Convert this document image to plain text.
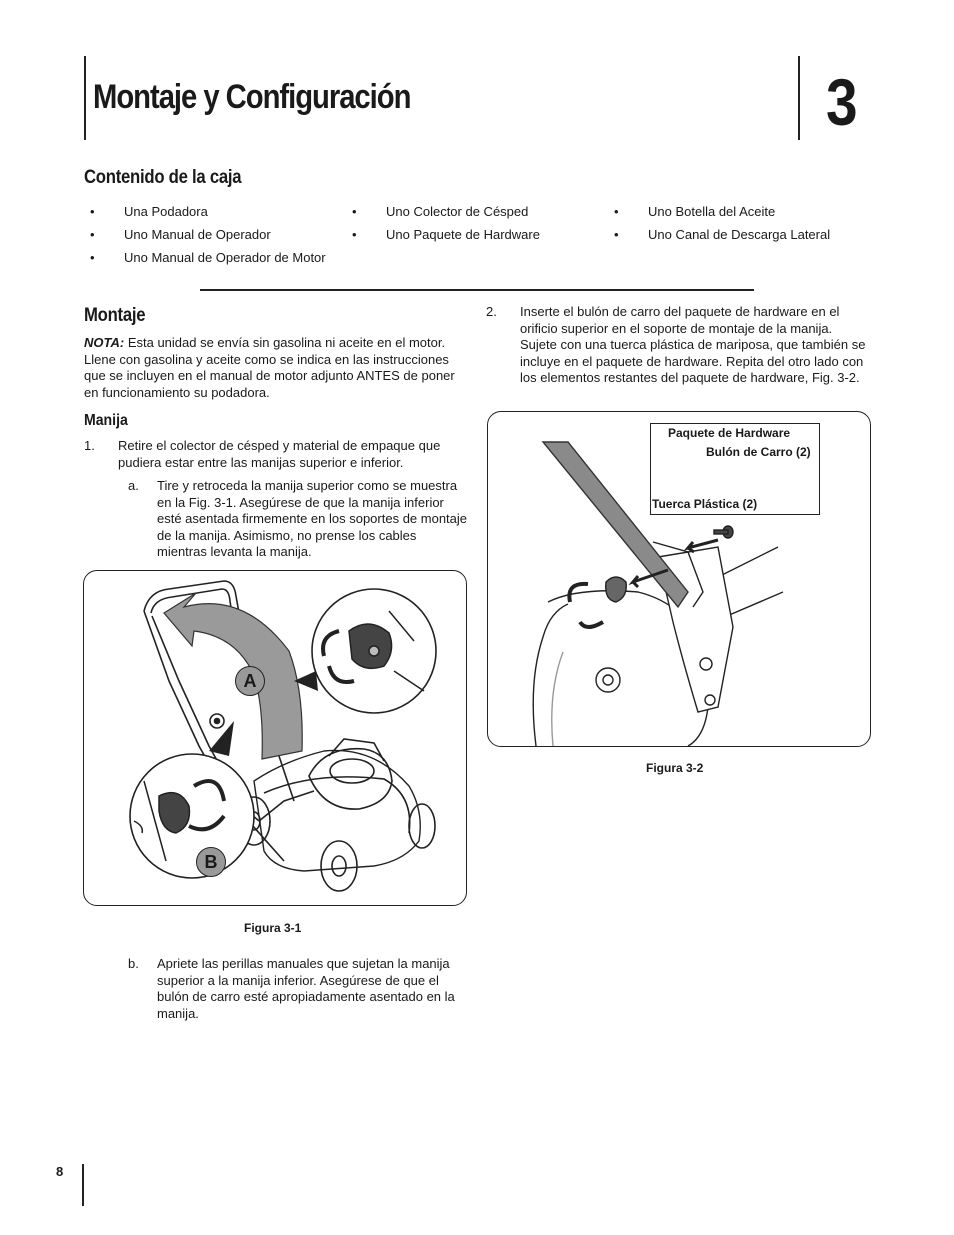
Montaje y Configuración	3
Contenido de la caja
• Una Podadora
• Uno Manual de Operador
• Uno Manual de Operador de Motor
• Uno Colector de Césped
• Uno Paquete de Hardware
• Uno Botella del Aceite
• Uno Canal de Descarga Lateral
Montaje
NOTA: Esta unidad se envía sin gasolina ni aceite en el motor. Llene con gasolina y aceite como se indica en las instrucciones que se incluyen en el manual de motor adjunto ANTES de poner en funcionamiento su podadora.
Manija
1. Retire el colector de césped y material de empaque que pudiera estar entre las manijas superior e inferior.
a. Tire y retroceda la manija superior como se muestra en la Fig. 3-1. Asegúrese de que la manija inferior esté asentada firmemente en los soportes de montaje de la manija. Asimismo, no prense los cables mientras levanta la manija.
A
B
Figura 3-1
b. Apriete las perillas manuales que sujetan la manija superior a la manija inferior. Asegúrese de que el bulón de carro esté apropiadamente asentado en la manija.
2. Inserte el bulón de carro del paquete de hardware en el orificio superior en el soporte de montaje de la manija. Sujete con una tuerca plástica de mariposa, que también se incluye en el paquete de hardware. Repita del otro lado con los elementos restantes del paquete de hardware, Fig. 3-2.
Paquete de Hardware
Bulón de Carro (2)
Tuerca Plástica (2)
Figura 3-2
8
